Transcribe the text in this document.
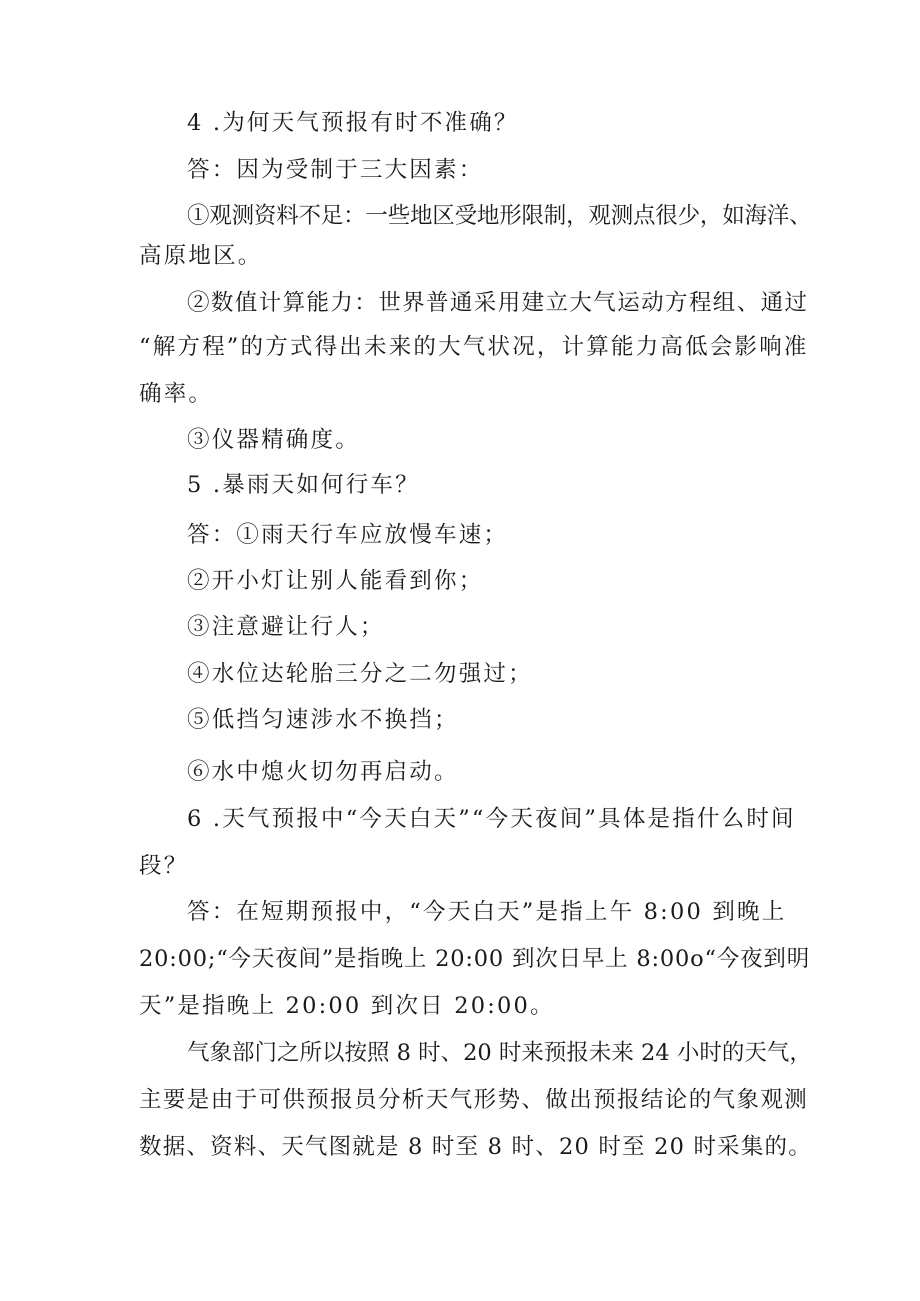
4 .为何天气预报有时不准确？
答：因为受制于三大因素：
①观测资料不足：一些地区受地形限制，观测点很少，如海洋、
高原地区。
②数值计算能力：世界普通采用建立大气运动方程组、通过
“解方程”的方式得出未来的大气状况，计算能力高低会影响准
确率。
③仪器精确度。
5 .暴雨天如何行车？
答：①雨天行车应放慢车速；
②开小灯让别人能看到你；
③注意避让行人；
④水位达轮胎三分之二勿强过；
⑤低挡匀速涉水不换挡；
⑥水中熄火切勿再启动。
6 .天气预报中“今天白天”“今天夜间”具体是指什么时间
段？
答：在短期预报中，“今天白天”是指上午 8:00 到晚上
20:00;“今天夜间”是指晚上 20:00 到次日早上 8:00o“今夜到明
天”是指晚上 20:00 到次日 20:00。
气象部门之所以按照 8 时、20 时来预报未来 24 小时的天气，
主要是由于可供预报员分析天气形势、做出预报结论的气象观测
数据、资料、天气图就是 8 时至 8 时、20 时至 20 时采集的。
